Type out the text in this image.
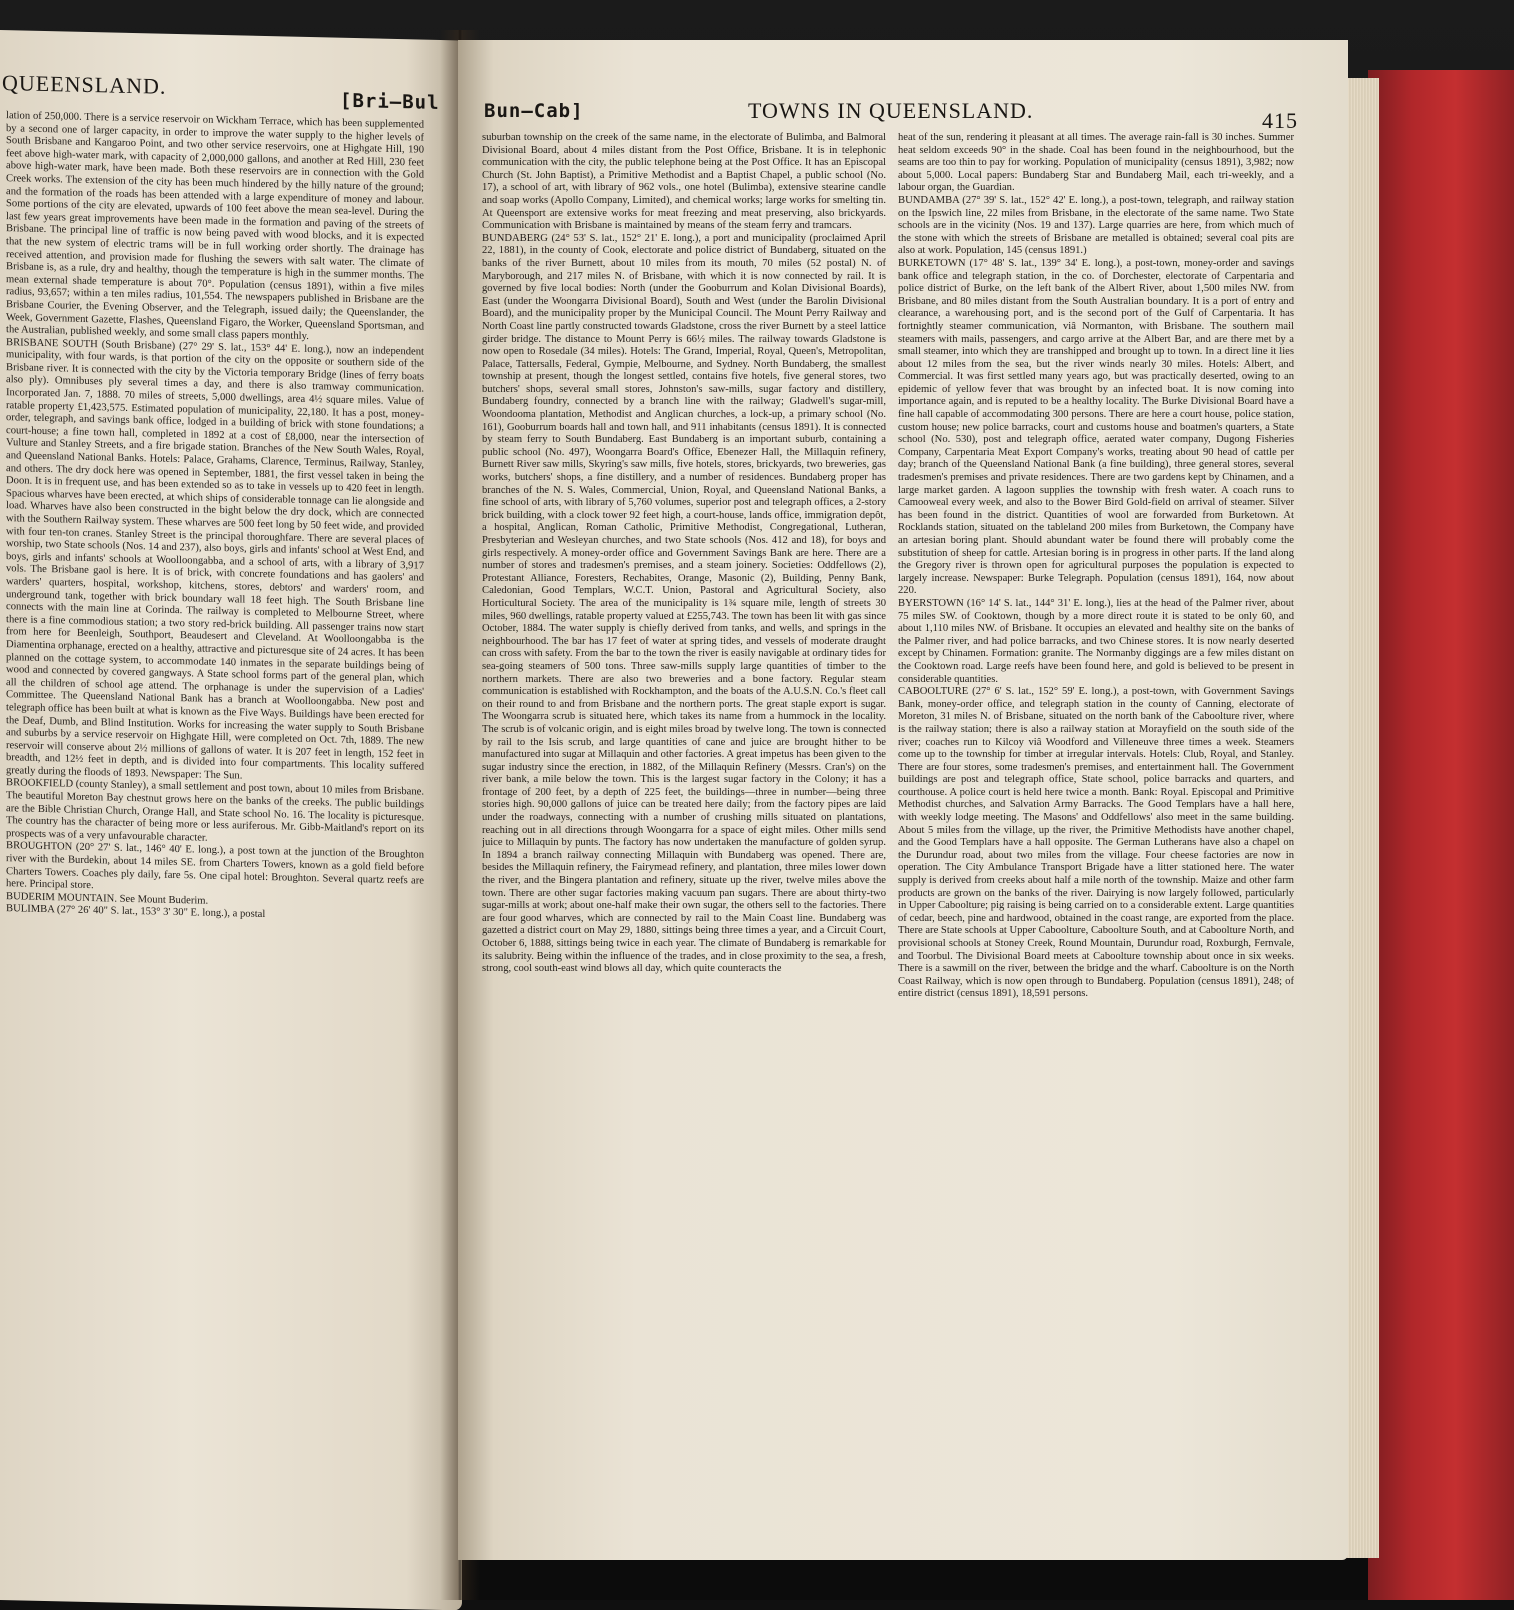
QUEENSLAND.
[Bri—Bul

lation of 250,000. There is a service reservoir on Wickham Terrace, which has been supplemented by a second one of larger capacity, in order to improve the water supply to the higher levels of South Brisbane and Kangaroo Point, and two other service reservoirs, one at Highgate Hill, 190 feet above high-water mark, with capacity of 2,000,000 gallons, and another at Red Hill, 230 feet above high-water mark, have been made. Both these reservoirs are in connection with the Gold Creek works. The extension of the city has been much hindered by the hilly nature of the ground; and the formation of the roads has been attended with a large expenditure of money and labour. Some portions of the city are elevated, upwards of 100 feet above the mean sea-level. During the last few years great improvements have been made in the formation and paving of the streets of Brisbane. The principal line of traffic is now being paved with wood blocks, and it is expected that the new system of electric trams will be in full working order shortly. The drainage has received attention, and provision made for flushing the sewers with salt water. The climate of Brisbane is, as a rule, dry and healthy, though the temperature is high in the summer months. The mean external shade temperature is about 70°. Population (census 1891), within a five miles radius, 93,657; within a ten miles radius, 101,554. The newspapers published in Brisbane are the Brisbane Courier, the Evening Observer, and the Telegraph, issued daily; the Queenslander, the Week, Government Gazette, Flashes, Queensland Figaro, the Worker, Queensland Sportsman, and the Australian, published weekly, and some small class papers monthly.

BRISBANE SOUTH (South Brisbane) (27° 29' S. lat., 153° 44' E. long.), now an independent municipality, with four wards, is that portion of the city on the opposite or southern side of the Brisbane river. It is connected with the city by the Victoria temporary Bridge (lines of ferry boats also ply). Omnibuses ply several times a day, and there is also tramway communication. Incorporated Jan. 7, 1888. 70 miles of streets, 5,000 dwellings, area 4½ square miles. Value of ratable property £1,423,575. Estimated population of municipality, 22,180. It has a post, money-order, telegraph, and savings bank office, lodged in a building of brick with stone foundations; a court-house; a fine town hall, completed in 1892 at a cost of £8,000, near the intersection of Vulture and Stanley Streets, and a fire brigade station. Branches of the New South Wales, Royal, and Queensland National Banks. Hotels: Palace, Grahams, Clarence, Terminus, Railway, Stanley, and others. The dry dock here was opened in September, 1881, the first vessel taken in being the Doon. It is in frequent use, and has been extended so as to take in vessels up to 420 feet in length. Spacious wharves have been erected, at which ships of considerable tonnage can lie alongside and load. Wharves have also been constructed in the bight below the dry dock, which are connected with the Southern Railway system. These wharves are 500 feet long by 50 feet wide, and provided with four ten-ton cranes. Stanley Street is the principal thoroughfare. There are several places of worship, two State schools (Nos. 14 and 237), also boys, girls and infants' school at West End, and boys, girls and infants' schools at Woolloongabba, and a school of arts, with a library of 3,917 vols. The Brisbane gaol is here. It is of brick, with concrete foundations and has gaolers' and warders' quarters, hospital, workshop, kitchens, stores, debtors' and warders' room, and underground tank, together with brick boundary wall 18 feet high. The South Brisbane line connects with the main line at Corinda. The railway is completed to Melbourne Street, where there is a fine commodious station; a two story red-brick building. All passenger trains now start from here for Beenleigh, Southport, Beaudesert and Cleveland. At Woolloongabba is the Diamentina orphanage, erected on a healthy, attractive and picturesque site of 24 acres. It has been planned on the cottage system, to accommodate 140 inmates in the separate buildings being of wood and connected by covered gangways. A State school forms part of the general plan, which all the children of school age attend. The orphanage is under the supervision of a Ladies' Committee. The Queensland National Bank has a branch at Woolloongabba. New post and telegraph office has been built at what is known as the Five Ways. Buildings have been erected for the Deaf, Dumb, and Blind Institution. Works for increasing the water supply to South Brisbane and suburbs by a service reservoir on Highgate Hill, were completed on Oct. 7th, 1889. The new reservoir will conserve about 2½ millions of gallons of water. It is 207 feet in length, 152 feet in breadth, and 12½ feet in depth, and is divided into four compartments. This locality suffered greatly during the floods of 1893. Newspaper: The Sun.

BROOKFIELD (county Stanley), a small settlement and post town, about 10 miles from Brisbane. The beautiful Moreton Bay chestnut grows here on the banks of the creeks. The public buildings are the Bible Christian Church, Orange Hall, and State school No. 16. The locality is picturesque. The country has the character of being more or less auriferous. Mr. Gibb-Maitland's report on its prospects was of a very unfavourable character.

BROUGHTON (20° 27' S. lat., 146° 40' E. long.), a post town at the junction of the Broughton river with the Burdekin, about 14 miles SE. from Charters Towers, known as a gold field before Charters Towers. Coaches ply daily, fare 5s. One cipal hotel: Broughton. Several quartz reefs are here. Principal store.

BUDERIM MOUNTAIN. See Mount Buderim.

BULIMBA (27° 26' 40" S. lat., 153° 3' 30" E. long.), a postal

Bun—Cab]	TOWNS IN QUEENSLAND.	415

suburban township on the creek of the same name, in the electorate of Bulimba, and Balmoral Divisional Board, about 4 miles distant from the Post Office, Brisbane. It is in telephonic communication with the city, the public telephone being at the Post Office. It has an Episcopal Church (St. John Baptist), a Primitive Methodist and a Baptist Chapel, a public school (No. 17), a school of art, with library of 962 vols., one hotel (Bulimba), extensive stearine candle and soap works (Apollo Company, Limited), and chemical works; large works for smelting tin. At Queensport are extensive works for meat freezing and meat preserving, also brickyards. Communication with Brisbane is maintained by means of the steam ferry and tramcars.

BUNDABERG (24° 53' S. lat., 152° 21' E. long.), a port and municipality (proclaimed April 22, 1881), in the county of Cook, electorate and police district of Bundaberg, situated on the banks of the river Burnett, about 10 miles from its mouth, 70 miles (52 postal) N. of Maryborough, and 217 miles N. of Brisbane, with which it is now connected by rail. It is governed by five local bodies: North (under the Gooburrum and Kolan Divisional Boards), East (under the Woongarra Divisional Board), South and West (under the Barolin Divisional Board), and the municipality proper by the Municipal Council. The Mount Perry Railway and North Coast line partly constructed towards Gladstone, cross the river Burnett by a steel lattice girder bridge. The distance to Mount Perry is 66½ miles. The railway towards Gladstone is now open to Rosedale (34 miles). Hotels: The Grand, Imperial, Royal, Queen's, Metropolitan, Palace, Tattersalls, Federal, Gympie, Melbourne, and Sydney. North Bundaberg, the smallest township at present, though the longest settled, contains five hotels, five general stores, two butchers' shops, several small stores, Johnston's saw-mills, sugar factory and distillery, Bundaberg foundry, connected by a branch line with the railway; Gladwell's sugar-mill, Woondooma plantation, Methodist and Anglican churches, a lock-up, a primary school (No. 161), Gooburrum boards hall and town hall, and 911 inhabitants (census 1891). It is connected by steam ferry to South Bundaberg. East Bundaberg is an important suburb, containing a public school (No. 497), Woongarra Board's Office, Ebenezer Hall, the Millaquin refinery, Burnett River saw mills, Skyring's saw mills, five hotels, stores, brickyards, two breweries, gas works, butchers' shops, a fine distillery, and a number of residences. Bundaberg proper has branches of the N. S. Wales, Commercial, Union, Royal, and Queensland National Banks, a fine school of arts, with library of 5,760 volumes, superior post and telegraph offices, a 2-story brick building, with a clock tower 92 feet high, a court-house, lands office, immigration depôt, a hospital, Anglican, Roman Catholic, Primitive Methodist, Congregational, Lutheran, Presbyterian and Wesleyan churches, and two State schools (Nos. 412 and 18), for boys and girls respectively. A money-order office and Government Savings Bank are here. There are a number of stores and tradesmen's premises, and a steam joinery. Societies: Oddfellows (2), Protestant Alliance, Foresters, Rechabites, Orange, Masonic (2), Building, Penny Bank, Caledonian, Good Templars, W.C.T. Union, Pastoral and Agricultural Society, also Horticultural Society. The area of the municipality is 1¾ square mile, length of streets 30 miles, 960 dwellings, ratable property valued at £255,743. The town has been lit with gas since October, 1884. The water supply is chiefly derived from tanks, and wells, and springs in the neighbourhood. The bar has 17 feet of water at spring tides, and vessels of moderate draught can cross with safety. From the bar to the town the river is easily navigable at ordinary tides for sea-going steamers of 500 tons. Three saw-mills supply large quantities of timber to the northern markets. There are also two breweries and a bone factory. Regular steam communication is established with Rockhampton, and the boats of the A.U.S.N. Co.'s fleet call on their round to and from Brisbane and the northern ports. The great staple export is sugar. The Woongarra scrub is situated here, which takes its name from a hummock in the locality. The scrub is of volcanic origin, and is eight miles broad by twelve long. The town is connected by rail to the Isis scrub, and large quantities of cane and juice are brought hither to be manufactured into sugar at Millaquin and other factories. A great impetus has been given to the sugar industry since the erection, in 1882, of the Millaquin Refinery (Messrs. Cran's) on the river bank, a mile below the town. This is the largest sugar factory in the Colony; it has a frontage of 200 feet, by a depth of 225 feet, the buildings—three in number—being three stories high. 90,000 gallons of juice can be treated here daily; from the factory pipes are laid under the roadways, connecting with a number of crushing mills situated on plantations, reaching out in all directions through Woongarra for a space of eight miles. Other mills send juice to Millaquin by punts. The factory has now undertaken the manufacture of golden syrup. In 1894 a branch railway connecting Millaquin with Bundaberg was opened. There are, besides the Millaquin refinery, the Fairymead refinery, and plantation, three miles lower down the river, and the Bingera plantation and refinery, situate up the river, twelve miles above the town. There are other sugar factories making vacuum pan sugars. There are about thirty-two sugar-mills at work; about one-half make their own sugar, the others sell to the factories. There are four good wharves, which are connected by rail to the Main Coast line. Bundaberg was gazetted a district court on May 29, 1880, sittings being three times a year, and a Circuit Court, October 6, 1888, sittings being twice in each year. The climate of Bundaberg is remarkable for its salubrity. Being within the influence of the trades, and in close proximity to the sea, a fresh, strong, cool south-east wind blows all day, which quite counteracts the

heat of the sun, rendering it pleasant at all times. The average rain-fall is 30 inches. Summer heat seldom exceeds 90° in the shade. Coal has been found in the neighbourhood, but the seams are too thin to pay for working. Population of municipality (census 1891), 3,982; now about 5,000. Local papers: Bundaberg Star and Bundaberg Mail, each tri-weekly, and a labour organ, the Guardian.

BUNDAMBA (27° 39' S. lat., 152° 42' E. long.), a post-town, telegraph, and railway station on the Ipswich line, 22 miles from Brisbane, in the electorate of the same name. Two State schools are in the vicinity (Nos. 19 and 137). Large quarries are here, from which much of the stone with which the streets of Brisbane are metalled is obtained; several coal pits are also at work. Population, 145 (census 1891.)

BURKETOWN (17° 48' S. lat., 139° 34' E. long.), a post-town, money-order and savings bank office and telegraph station, in the co. of Dorchester, electorate of Carpentaria and police district of Burke, on the left bank of the Albert River, about 1,500 miles NW. from Brisbane, and 80 miles distant from the South Australian boundary. It is a port of entry and clearance, a warehousing port, and is the second port of the Gulf of Carpentaria. It has fortnightly steamer communication, viâ Normanton, with Brisbane. The southern mail steamers with mails, passengers, and cargo arrive at the Albert Bar, and are there met by a small steamer, into which they are transhipped and brought up to town. In a direct line it lies about 12 miles from the sea, but the river winds nearly 30 miles. Hotels: Albert, and Commercial. It was first settled many years ago, but was practically deserted, owing to an epidemic of yellow fever that was brought by an infected boat. It is now coming into importance again, and is reputed to be a healthy locality. The Burke Divisional Board have a fine hall capable of accommodating 300 persons. There are here a court house, police station, custom house; new police barracks, court and customs house and boatmen's quarters, a State school (No. 530), post and telegraph office, aerated water company, Dugong Fisheries Company, Carpentaria Meat Export Company's works, treating about 90 head of cattle per day; branch of the Queensland National Bank (a fine building), three general stores, several tradesmen's premises and private residences. There are two gardens kept by Chinamen, and a large market garden. A lagoon supplies the township with fresh water. A coach runs to Camooweal every week, and also to the Bower Bird Gold-field on arrival of steamer. Silver has been found in the district. Quantities of wool are forwarded from Burketown. At Rocklands station, situated on the tableland 200 miles from Burketown, the Company have an artesian boring plant. Should abundant water be found there will probably come the substitution of sheep for cattle. Artesian boring is in progress in other parts. If the land along the Gregory river is thrown open for agricultural purposes the population is expected to largely increase. Newspaper: Burke Telegraph. Population (census 1891), 164, now about 220.

BYERSTOWN (16° 14' S. lat., 144° 31' E. long.), lies at the head of the Palmer river, about 75 miles SW. of Cooktown, though by a more direct route it is stated to be only 60, and about 1,110 miles NW. of Brisbane. It occupies an elevated and healthy site on the banks of the Palmer river, and had police barracks, and two Chinese stores. It is now nearly deserted except by Chinamen. Formation: granite. The Normanby diggings are a few miles distant on the Cooktown road. Large reefs have been found here, and gold is believed to be present in considerable quantities.

CABOOLTURE (27° 6' S. lat., 152° 59' E. long.), a post-town, with Government Savings Bank, money-order office, and telegraph station in the county of Canning, electorate of Moreton, 31 miles N. of Brisbane, situated on the north bank of the Caboolture river, where is the railway station; there is also a railway station at Morayfield on the south side of the river; coaches run to Kilcoy viâ Woodford and Villeneuve three times a week. Steamers come up to the township for timber at irregular intervals. Hotels: Club, Royal, and Stanley. There are four stores, some tradesmen's premises, and entertainment hall. The Government buildings are post and telegraph office, State school, police barracks and quarters, and courthouse. A police court is held here twice a month. Bank: Royal. Episcopal and Primitive Methodist churches, and Salvation Army Barracks. The Good Templars have a hall here, with weekly lodge meeting. The Masons' and Oddfellows' also meet in the same building. About 5 miles from the village, up the river, the Primitive Methodists have another chapel, and the Good Templars have a hall opposite. The German Lutherans have also a chapel on the Durundur road, about two miles from the village. Four cheese factories are now in operation. The City Ambulance Transport Brigade have a litter stationed here. The water supply is derived from creeks about half a mile north of the township. Maize and other farm products are grown on the banks of the river. Dairying is now largely followed, particularly in Upper Caboolture; pig raising is being carried on to a considerable extent. Large quantities of cedar, beech, pine and hardwood, obtained in the coast range, are exported from the place. There are State schools at Upper Caboolture, Caboolture South, and at Caboolture North, and provisional schools at Stoney Creek, Round Mountain, Durundur road, Roxburgh, Fernvale, and Toorbul. The Divisional Board meets at Caboolture township about once in six weeks. There is a sawmill on the river, between the bridge and the wharf. Caboolture is on the North Coast Railway, which is now open through to Bundaberg. Population (census 1891), 248; of entire district (census 1891), 18,591 persons.
